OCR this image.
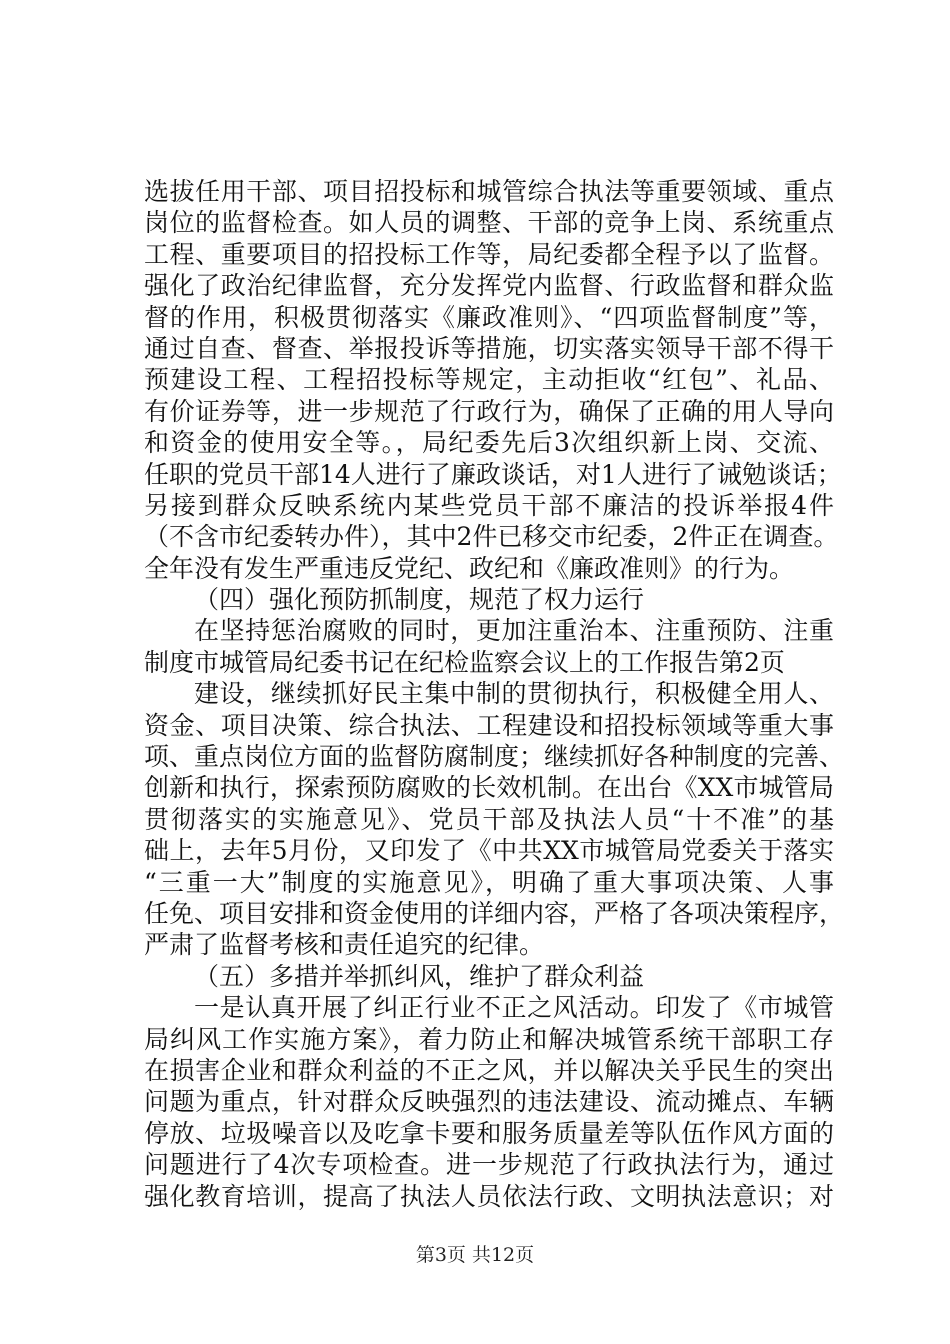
选拔任用干部、项目招投标和城管综合执法等重要领域、重点
岗位的监督检查。如人员的调整、干部的竞争上岗、系统重点
工程、重要项目的招投标工作等，局纪委都全程予以了监督。
强化了政治纪律监督，充分发挥党内监督、行政监督和群众监
督的作用，积极贯彻落实《廉政准则》、“四项监督制度”等，
通过自查、督查、举报投诉等措施，切实落实领导干部不得干
预建设工程、工程招投标等规定，主动拒收“红包”、礼品、
有价证券等，进一步规范了行政行为，确保了正确的用人导向
和资金的使用安全等。，局纪委先后3次组织新上岗、交流、
任职的党员干部14人进行了廉政谈话，对1人进行了诫勉谈话；
另接到群众反映系统内某些党员干部不廉洁的投诉举报4件
（不含市纪委转办件），其中2件已移交市纪委，2件正在调查。
全年没有发生严重违反党纪、政纪和《廉政准则》的行为。
（四）强化预防抓制度，规范了权力运行
在坚持惩治腐败的同时，更加注重治本、注重预防、注重
制度市城管局纪委书记在纪检监察会议上的工作报告第2页
建设，继续抓好民主集中制的贯彻执行，积极健全用人、
资金、项目决策、综合执法、工程建设和招投标领域等重大事
项、重点岗位方面的监督防腐制度；继续抓好各种制度的完善、
创新和执行，探索预防腐败的长效机制。在出台《XX市城管局
贯彻落实的实施意见》、党员干部及执法人员“十不准”的基
础上，去年5月份，又印发了《中共XX市城管局党委关于落实
“三重一大”制度的实施意见》，明确了重大事项决策、人事
任免、项目安排和资金使用的详细内容，严格了各项决策程序，
严肃了监督考核和责任追究的纪律。
（五）多措并举抓纠风，维护了群众利益
一是认真开展了纠正行业不正之风活动。印发了《市城管
局纠风工作实施方案》，着力防止和解决城管系统干部职工存
在损害企业和群众利益的不正之风，并以解决关乎民生的突出
问题为重点，针对群众反映强烈的违法建设、流动摊点、车辆
停放、垃圾噪音以及吃拿卡要和服务质量差等队伍作风方面的
问题进行了4次专项检查。进一步规范了行政执法行为，通过
强化教育培训，提高了执法人员依法行政、文明执法意识；对
第3页 共12页
